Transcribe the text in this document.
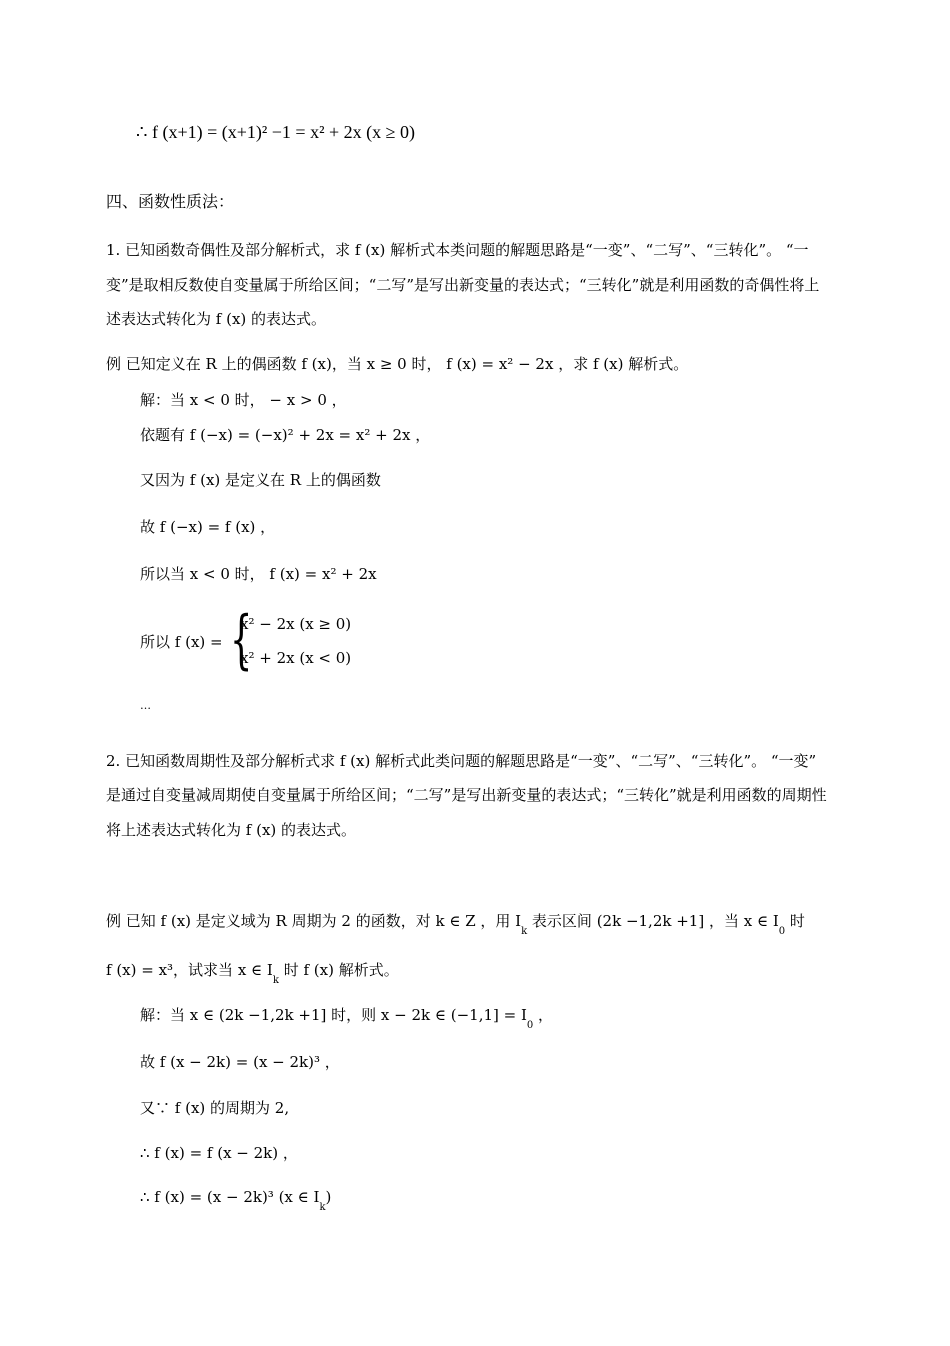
∴ f (x+1) = (x+1)² −1 = x² + 2x (x ≥ 0)
四、函数性质法：
1. 已知函数奇偶性及部分解析式，求 f (x) 解析式本类问题的解题思路是“一变”、“二写”、“三转化”。 “一
变”是取相反数使自变量属于所给区间；“二写”是写出新变量的表达式；“三转化”就是利用函数的奇偶性将上
述表达式转化为 f (x) 的表达式。
例 已知定义在 R 上的偶函数 f (x)，当 x ≥ 0 时， f (x) = x² − 2x ，求 f (x) 解析式。
解：当 x < 0 时， − x > 0 ，
依题有 f (−x) = (−x)² + 2x = x² + 2x ，
又因为 f (x) 是定义在 R 上的偶函数
故 f (−x) = f (x) ，
所以当 x < 0 时， f (x) = x² + 2x
所以 f (x) = {
x² − 2x (x ≥ 0)
x² + 2x (x < 0)
…
2. 已知函数周期性及部分解析式求 f (x) 解析式此类问题的解题思路是“一变”、“二写”、“三转化”。 “一变”
是通过自变量减周期使自变量属于所给区间；“二写”是写出新变量的表达式；“三转化”就是利用函数的周期性
将上述表达式转化为 f (x) 的表达式。
例 已知 f (x) 是定义域为 R 周期为 2 的函数，对 k ∈ Z ，用 $I_k$ 表示区间 (2k −1,2k +1] ，当 x ∈ $I_0$ 时
f (x) = x³，试求当 x ∈ $I_k$ 时 f (x) 解析式。
解：当 x ∈ (2k −1,2k +1] 时，则 x − 2k ∈ $(-1,1] = I_0$ ，
故 f (x − 2k) = (x − 2k)³ ，
又∵ f (x) 的周期为 2,
∴ f (x) = f (x − 2k) ，
∴ f (x) = (x − 2k)³ (x ∈ $I_k$)
